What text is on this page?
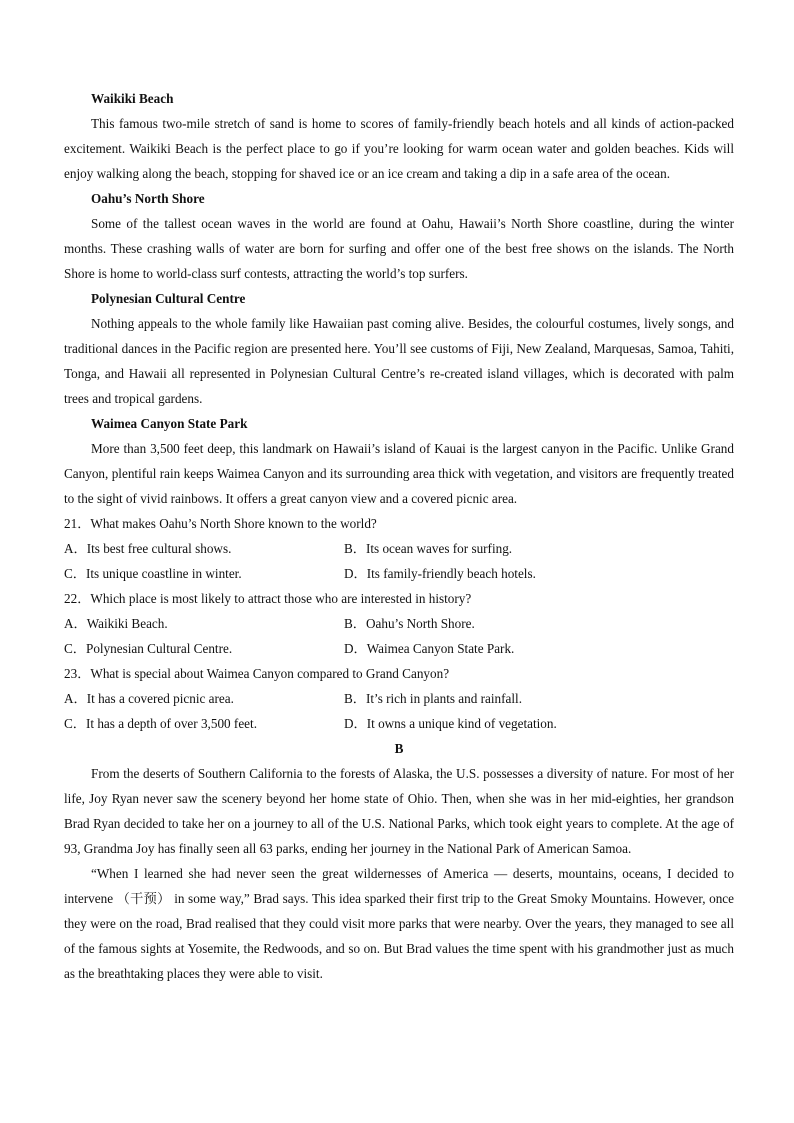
Waikiki Beach
This famous two-mile stretch of sand is home to scores of family-friendly beach hotels and all kinds of action-packed excitement. Waikiki Beach is the perfect place to go if you’re looking for warm ocean water and golden beaches. Kids will enjoy walking along the beach, stopping for shaved ice or an ice cream and taking a dip in a safe area of the ocean.
Oahu’s North Shore
Some of the tallest ocean waves in the world are found at Oahu, Hawaii’s North Shore coastline, during the winter months. These crashing walls of water are born for surfing and offer one of the best free shows on the islands. The North Shore is home to world-class surf contests, attracting the world’s top surfers.
Polynesian Cultural Centre
Nothing appeals to the whole family like Hawaiian past coming alive. Besides, the colourful costumes, lively songs, and traditional dances in the Pacific region are presented here. You’ll see customs of Fiji, New Zealand, Marquesas, Samoa, Tahiti, Tonga, and Hawaii all represented in Polynesian Cultural Centre’s re-created island villages, which is decorated with palm trees and tropical gardens.
Waimea Canyon State Park
More than 3,500 feet deep, this landmark on Hawaii’s island of Kauai is the largest canyon in the Pacific. Unlike Grand Canyon, plentiful rain keeps Waimea Canyon and its surrounding area thick with vegetation, and visitors are frequently treated to the sight of vivid rainbows. It offers a great canyon view and a covered picnic area.
21．What makes Oahu’s North Shore known to the world?
A．Its best free cultural shows.	B．Its ocean waves for surfing.
C．Its unique coastline in winter.	D．Its family-friendly beach hotels.
22．Which place is most likely to attract those who are interested in history?
A．Waikiki Beach.	B．Oahu’s North Shore.
C．Polynesian Cultural Centre.	D．Waimea Canyon State Park.
23．What is special about Waimea Canyon compared to Grand Canyon?
A．It has a covered picnic area.	B．It’s rich in plants and rainfall.
C．It has a depth of over 3,500 feet.	D．It owns a unique kind of vegetation.
B
From the deserts of Southern California to the forests of Alaska, the U.S. possesses a diversity of nature. For most of her life, Joy Ryan never saw the scenery beyond her home state of Ohio. Then, when she was in her mid-eighties, her grandson Brad Ryan decided to take her on a journey to all of the U.S. National Parks, which took eight years to complete. At the age of 93, Grandma Joy has finally seen all 63 parks, ending her journey in the National Park of American Samoa.
“When I learned she had never seen the great wildernesses of America — deserts, mountains, oceans, I decided to intervene （干预） in some way,” Brad says. This idea sparked their first trip to the Great Smoky Mountains. However, once they were on the road, Brad realised that they could visit more parks that were nearby. Over the years, they managed to see all of the famous sights at Yosemite, the Redwoods, and so on. But Brad values the time spent with his grandmother just as much as the breathtaking places they were able to visit.
